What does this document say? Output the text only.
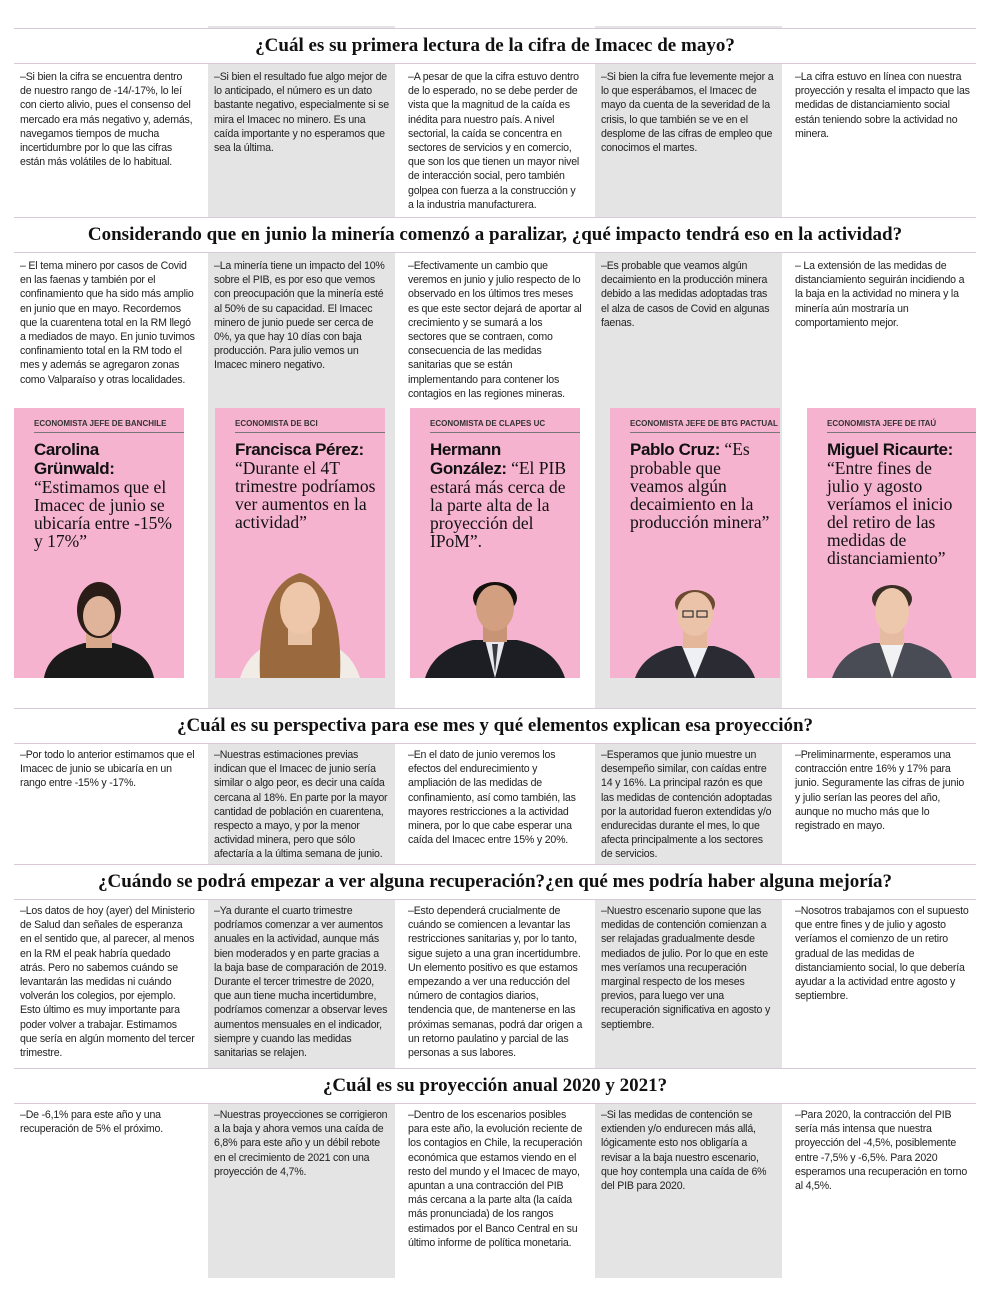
¿Cuál es su primera lectura de la cifra de Imacec de mayo?
–Si bien la cifra se encuentra dentro de nuestro rango de -14/-17%, lo leí con cierto alivio, pues el consenso del mercado era más negativo y, además, navegamos tiempos de mucha incertidumbre por lo que las cifras están más volátiles de lo habitual.
–Si bien el resultado fue algo mejor de lo anticipado, el número es un dato bastante negativo, especialmente si se mira el Imacec no minero. Es una caída importante y no esperamos que sea la última.
–A pesar de que la cifra estuvo dentro de lo esperado, no se debe perder de vista que la magnitud de la caída es inédita para nuestro país. A nivel sectorial, la caída se concentra en sectores de servicios y en comercio, que son los que tienen un mayor nivel de interacción social, pero también golpea con fuerza a la construcción y a la industria manufacturera.
–Si bien la cifra fue levemente mejor a lo que esperábamos, el Imacec de mayo da cuenta de la severidad de la crisis, lo que también se ve en el desplome de las cifras de empleo que conocimos el martes.
–La cifra estuvo en línea con nuestra proyección y resalta el impacto que las medidas de distanciamiento social están teniendo sobre la actividad no minera.
Considerando que en junio la minería comenzó a paralizar, ¿qué impacto tendrá eso en la actividad?
– El tema minero por casos de Covid en las faenas y también por el confinamiento que ha sido más amplio en junio que en mayo. Recordemos que la cuarentena total en la RM llegó a mediados de mayo. En junio tuvimos confinamiento total en la RM todo el mes y además se agregaron zonas como Valparaíso y otras localidades.
–La minería tiene un impacto del 10% sobre el PIB, es por eso que vemos con preocupación que la minería esté al 50% de su capacidad. El Imacec minero de junio puede ser cerca de 0%, ya que hay 10 días con baja producción. Para julio vemos un Imacec minero negativo.
–Efectivamente un cambio que veremos en junio y julio respecto de lo observado en los últimos tres meses es que este sector dejará de aportar al crecimiento y se sumará a los sectores que se contraen, como consecuencia de las medidas sanitarias que se están implementando para contener los contagios en las regiones mineras.
–Es probable que veamos algún decaimiento en la producción minera debido a las medidas adoptadas tras el alza de casos de Covid en algunas faenas.
– La extensión de las medidas de distanciamiento seguirán incidiendo a la baja en la actividad no minera y la minería aún mostraría un comportamiento mejor.
ECONOMISTA JEFE DE BANCHILE
Carolina Grünwald: “Estimamos que el Imacec de junio se ubicaría entre -15% y 17%”
ECONOMISTA DE BCI
Francisca Pérez: “Durante el 4T trimestre podríamos ver aumentos en la actividad”
ECONOMISTA DE CLAPES UC
Hermann González: “El PIB estará más cerca de la parte alta de la proyección del IPoM”.
ECONOMISTA JEFE DE BTG PACTUAL
Pablo Cruz: “Es probable que veamos algún decaimiento en la producción minera”
ECONOMISTA JEFE DE ITAÚ
Miguel Ricaurte: “Entre fines de julio y agosto veríamos el inicio del retiro de las medidas de distanciamiento”
¿Cuál es su perspectiva para ese mes y qué elementos explican esa proyección?
–Por todo lo anterior estimamos que el Imacec de junio se ubicaría en un rango entre -15% y -17%.
–Nuestras estimaciones previas indican que el Imacec de junio sería similar o algo peor, es decir una caída cercana al 18%. En parte por la mayor cantidad de población en cuarentena, respecto a mayo, y por la menor actividad minera, pero que sólo afectaría a la última semana de junio.
–En el dato de junio veremos los efectos del endurecimiento y ampliación de las medidas de confinamiento, así como también, las mayores restricciones a la actividad minera, por lo que cabe esperar una caída del Imacec entre 15% y 20%.
–Esperamos que junio muestre un desempeño similar, con caídas entre 14 y 16%. La principal razón es que las medidas de contención adoptadas por la autoridad fueron extendidas y/o endurecidas durante el mes, lo que afecta principalmente a los sectores de servicios.
–Preliminarmente, esperamos una contracción entre 16% y 17% para junio. Seguramente las cifras de junio y julio serían las peores del año, aunque no mucho más que lo registrado en mayo.
¿Cuándo se podrá empezar a ver alguna recuperación?¿en qué mes podría haber alguna mejoría?
–Los datos de hoy (ayer) del Ministerio de Salud dan señales de esperanza en el sentido que, al parecer, al menos en la RM el peak habría quedado atrás. Pero no sabemos cuándo se levantarán las medidas ni cuándo volverán los colegios, por ejemplo. Esto último es muy importante para poder volver a trabajar. Estimamos que sería en algún momento del tercer trimestre.
–Ya durante el cuarto trimestre podríamos comenzar a ver aumentos anuales en la actividad, aunque más bien moderados y en parte gracias a la baja base de comparación de 2019. Durante el tercer trimestre de 2020, que aun tiene mucha incertidumbre, podríamos comenzar a observar leves aumentos mensuales en el indicador, siempre y cuando las medidas sanitarias se relajen.
–Esto dependerá crucialmente de cuándo se comiencen a levantar las restricciones sanitarias y, por lo tanto, sigue sujeto a una gran incertidumbre. Un elemento positivo es que estamos empezando a ver una reducción del número de contagios diarios, tendencia que, de mantenerse en las próximas semanas, podrá dar origen a un retorno paulatino y parcial de las personas a sus labores.
–Nuestro escenario supone que las medidas de contención comienzan a ser relajadas gradualmente desde mediados de julio. Por lo que en este mes veríamos una recuperación marginal respecto de los meses previos, para luego ver una recuperación significativa en agosto y septiembre.
–Nosotros trabajamos con el supuesto que entre fines y de julio y agosto veríamos el comienzo de un retiro gradual de las medidas de distanciamiento social, lo que debería ayudar a la actividad entre agosto y septiembre.
¿Cuál es su proyección anual 2020 y 2021?
–De -6,1% para este año y una recuperación de 5% el próximo.
–Nuestras proyecciones se corrigieron a la baja y ahora vemos una caída de 6,8% para este año y un débil rebote en el crecimiento de 2021 con una proyección de 4,7%.
–Dentro de los escenarios posibles para este año, la evolución reciente de los contagios en Chile, la recuperación económica que estamos viendo en el resto del mundo y el Imacec de mayo, apuntan a una contracción del PIB más cercana a la parte alta (la caída más pronunciada) de los rangos estimados por el Banco Central en su último informe de política monetaria.
–Si las medidas de contención se extienden y/o endurecen más allá, lógicamente esto nos obligaría a revisar a la baja nuestro escenario, que hoy contempla una caída de 6% del PIB para 2020.
–Para 2020, la contracción del PIB sería más intensa que nuestra proyección del -4,5%, posiblemente entre -7,5% y -6,5%. Para 2020 esperamos una recuperación en torno al 4,5%.
